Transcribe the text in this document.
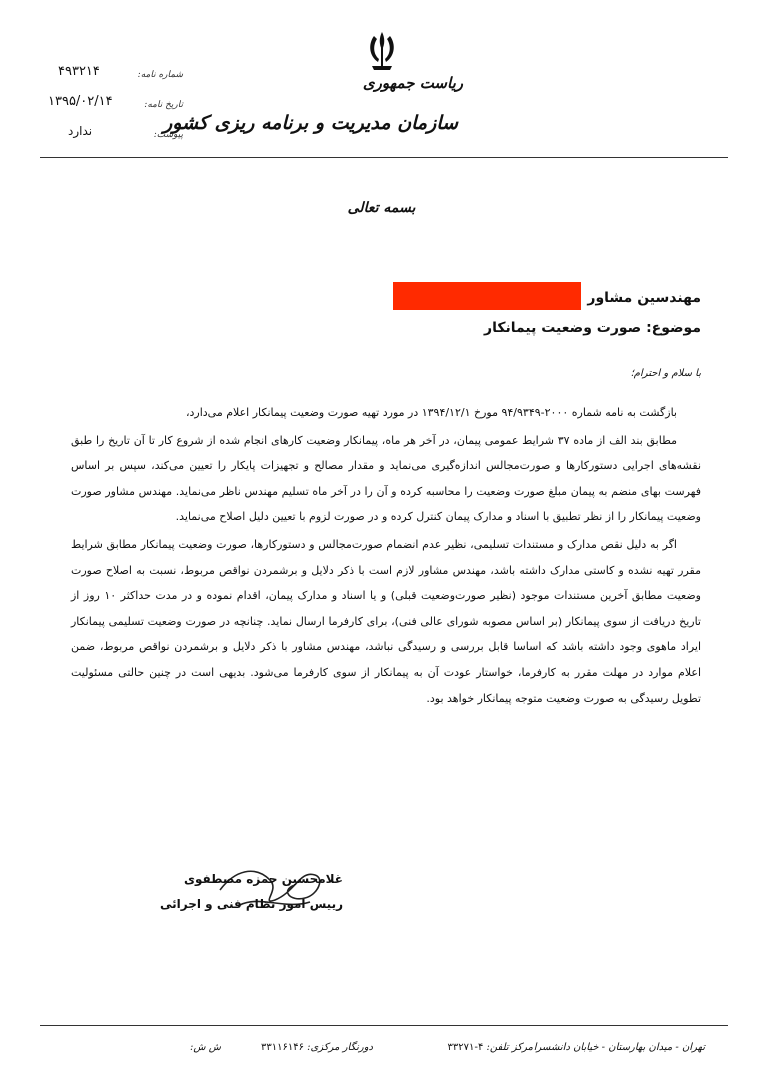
ریاست جمهوری
سازمان مدیریت و برنامه ریزی کشور
شماره نامه:
۴۹۳۲۱۴
تاریخ نامه:
۱۳۹۵/۰۲/۱۴
پیوست:
ندارد
بسمه تعالی
مهندسین مشاور
موضوع: صورت وضعیت پیمانکار
با سلام و احترام؛

بازگشت به نامه شماره ۲۰۰۰-۹۴/۹۳۴۹ مورخ ۱۳۹۴/۱۲/۱ در مورد تهیه صورت وضعیت پیمانکار اعلام می‌دارد،

مطابق بند الف از ماده ۳۷ شرایط عمومی پیمان، در آخر هر ماه، پیمانکار وضعیت کارهای انجام شده از شروع کار تا آن تاریخ را طبق نقشه‌های اجرایی دستورکارها و صورت‌مجالس اندازه‌گیری می‌نماید و مقدار مصالح و تجهیزات پایکار را تعیین می‌کند، سپس بر اساس فهرست بهای منضم به پیمان مبلغ صورت وضعیت را محاسبه کرده و آن را در آخر ماه تسلیم مهندس ناظر می‌نماید. مهندس مشاور صورت وضعیت پیمانکار را از نظر تطبیق با اسناد و مدارک پیمان کنترل کرده و در صورت لزوم با تعیین دلیل اصلاح می‌نماید.

اگر به دلیل نقص مدارک و مستندات تسلیمی، نظیر عدم انضمام صورت‌مجالس و دستورکارها، صورت وضعیت پیمانکار مطابق شرایط مقرر تهیه نشده و کاستی مدارک داشته باشد، مهندس مشاور لازم است با ذکر دلایل و برشمردن نواقص مربوط، نسبت به اصلاح صورت وضعیت مطابق آخرین مستندات موجود (نظیر صورت‌وضعیت قبلی) و یا اسناد و مدارک پیمان، اقدام نموده و در مدت حداکثر ۱۰ روز از تاریخ دریافت از سوی پیمانکار (بر اساس مصوبه شورای عالی فنی)، برای کارفرما ارسال نماید. چنانچه در صورت وضعیت تسلیمی پیمانکار ایراد ماهوی وجود داشته باشد که اساسا قابل بررسی و رسیدگی نباشد، مهندس مشاور با ذکر دلایل و برشمردن نواقص مربوط، ضمن اعلام موارد در مهلت مقرر به کارفرما، خواستار عودت آن به پیمانکار از سوی کارفرما می‌شود. بدیهی است در چنین حالتی مسئولیت تطویل رسیدگی به صورت وضعیت متوجه پیمانکار خواهد بود.

غلامحسین حمزه مصطفوی
رییس امور نظام فنی و اجرائی
تهران - میدان بهارستان - خیابان دانشسرا
مرکز تلفن: ۴-۳۳۲۷۱
دورنگار مرکزی: ۳۳۱۱۶۱۴۶
ش ش:
